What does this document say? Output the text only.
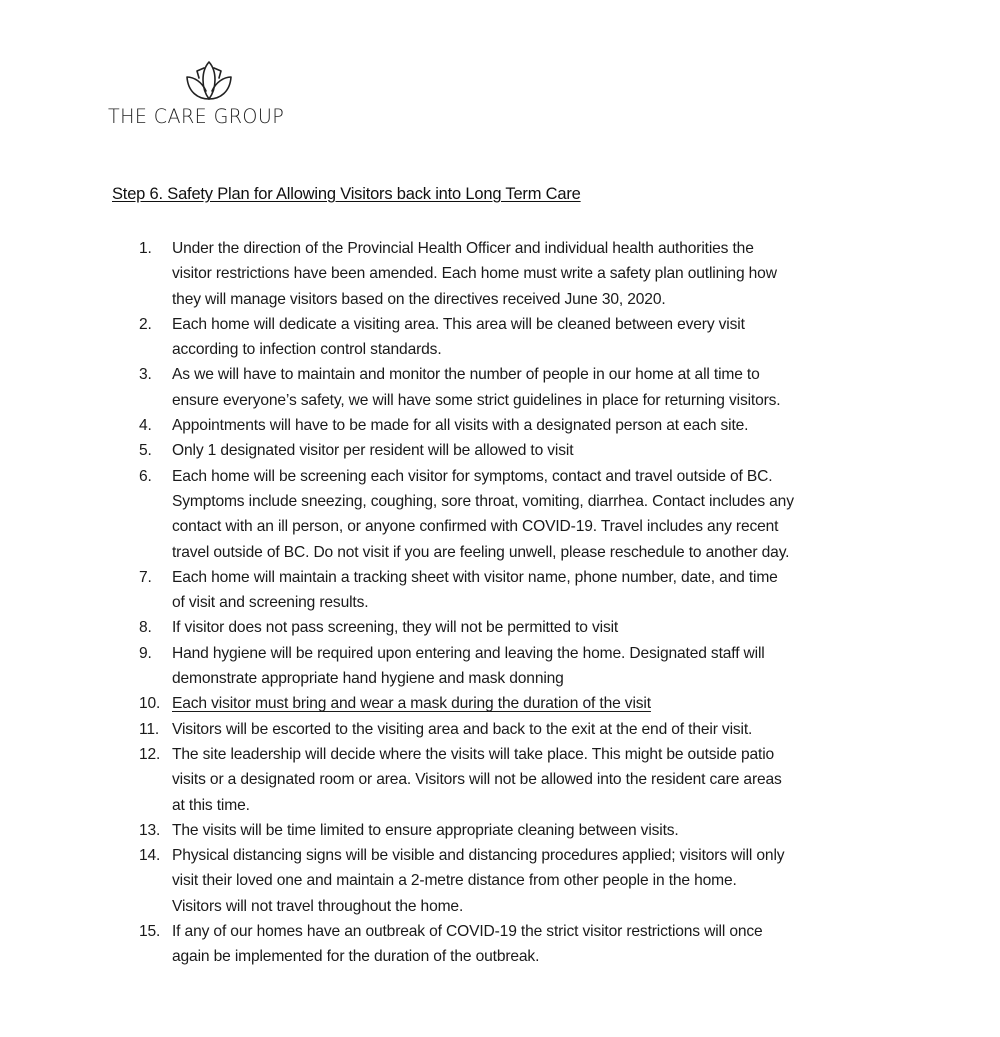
THE CARE GROUP
Step 6. Safety Plan for Allowing Visitors back into Long Term Care
1.	Under the direction of the Provincial Health Officer and individual health authorities the
visitor restrictions have been amended. Each home must write a safety plan outlining how
they will manage visitors based on the directives received June 30, 2020.
2.	Each home will dedicate a visiting area. This area will be cleaned between every visit
according to infection control standards.
3.	As we will have to maintain and monitor the number of people in our home at all time to
ensure everyone’s safety, we will have some strict guidelines in place for returning visitors.
4.	Appointments will have to be made for all visits with a designated person at each site.
5.	Only 1 designated visitor per resident will be allowed to visit
6.	Each home will be screening each visitor for symptoms, contact and travel outside of BC.
Symptoms include sneezing, coughing, sore throat, vomiting, diarrhea. Contact includes any
contact with an ill person, or anyone confirmed with COVID-19. Travel includes any recent
travel outside of BC. Do not visit if you are feeling unwell, please reschedule to another day.
7.	Each home will maintain a tracking sheet with visitor name, phone number, date, and time
of visit and screening results.
8.	If visitor does not pass screening, they will not be permitted to visit
9.	Hand hygiene will be required upon entering and leaving the home. Designated staff will
demonstrate appropriate hand hygiene and mask donning
10. Each visitor must bring and wear a mask during the duration of the visit
11. Visitors will be escorted to the visiting area and back to the exit at the end of their visit.
12. The site leadership will decide where the visits will take place. This might be outside patio
visits or a designated room or area. Visitors will not be allowed into the resident care areas
at this time.
13. The visits will be time limited to ensure appropriate cleaning between visits.
14. Physical distancing signs will be visible and distancing procedures applied; visitors will only
visit their loved one and maintain a 2-metre distance from other people in the home.
Visitors will not travel throughout the home.
15. If any of our homes have an outbreak of COVID-19 the strict visitor restrictions will once
again be implemented for the duration of the outbreak.
